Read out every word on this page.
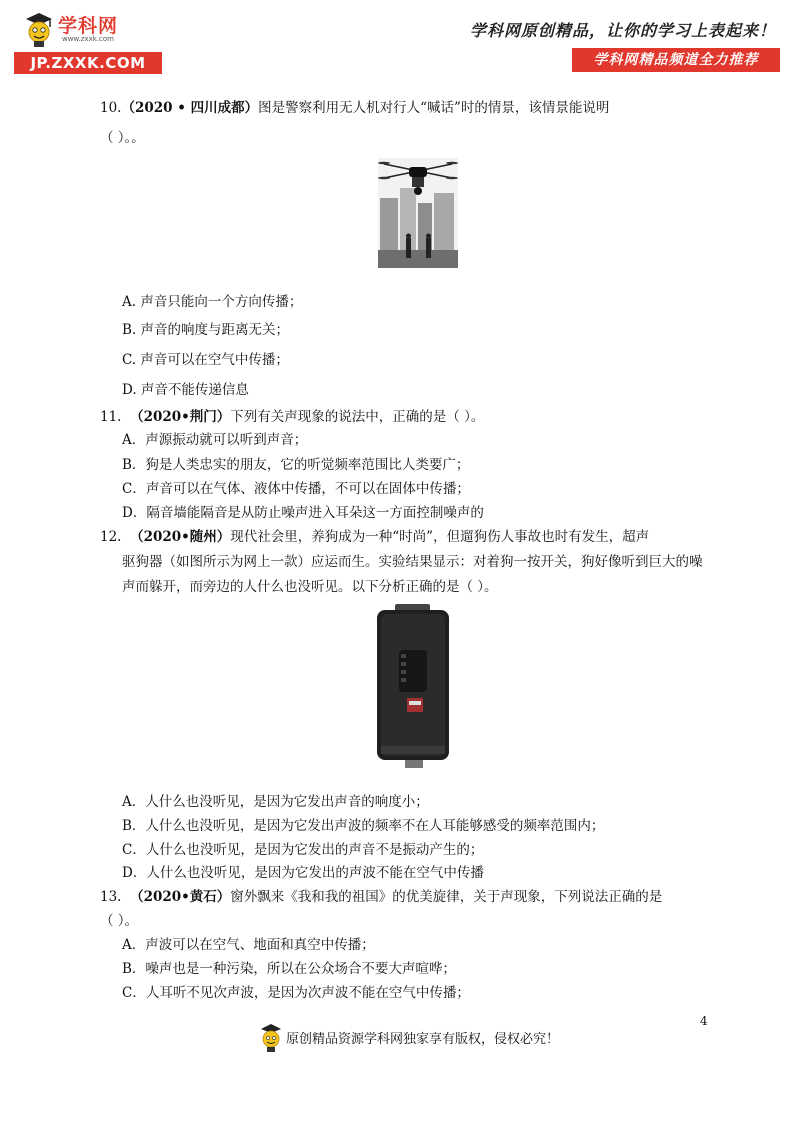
学科网
www.zxxk.com
JP.ZXXK.COM
学科网原创精品，让你的学习上表起来！
学科网精品频道全力推荐
10.（2020 • 四川成都）图是警察利用无人机对行人“喊话”时的情景，该情景能说明
（ ）。。
A. 声音只能向一个方向传播；
B. 声音的响度与距离无关；
C. 声音可以在空气中传播；
D. 声音不能传递信息
11. （2020•荆门）下列有关声现象的说法中，正确的是（ ）。
A．声源振动就可以听到声音；
B．狗是人类忠实的朋友，它的听觉频率范围比人类要广；
C．声音可以在气体、液体中传播，不可以在固体中传播；
D．隔音墙能隔音是从防止噪声进入耳朵这一方面控制噪声的
12. （2020•随州）现代社会里，养狗成为一种“时尚”，但遛狗伤人事故也时有发生，超声
驱狗器（如图所示为网上一款）应运而生。实验结果显示：对着狗一按开关，狗好像听到巨大的噪
声而躲开，而旁边的人什么也没听见。以下分析正确的是（ ）。
A．人什么也没听见，是因为它发出声音的响度小；
B．人什么也没听见，是因为它发出声波的频率不在人耳能够感受的频率范围内；
C．人什么也没听见，是因为它发出的声音不是振动产生的；
D．人什么也没听见，是因为它发出的声波不能在空气中传播
13. （2020•黄石）窗外飘来《我和我的祖国》的优美旋律，关于声现象，下列说法正确的是
（ ）。
A．声波可以在空气、地面和真空中传播；
B．噪声也是一种污染，所以在公众场合不要大声喧哗；
C．人耳听不见次声波，是因为次声波不能在空气中传播；
4
原创精品资源学科网独家享有版权，侵权必究！
